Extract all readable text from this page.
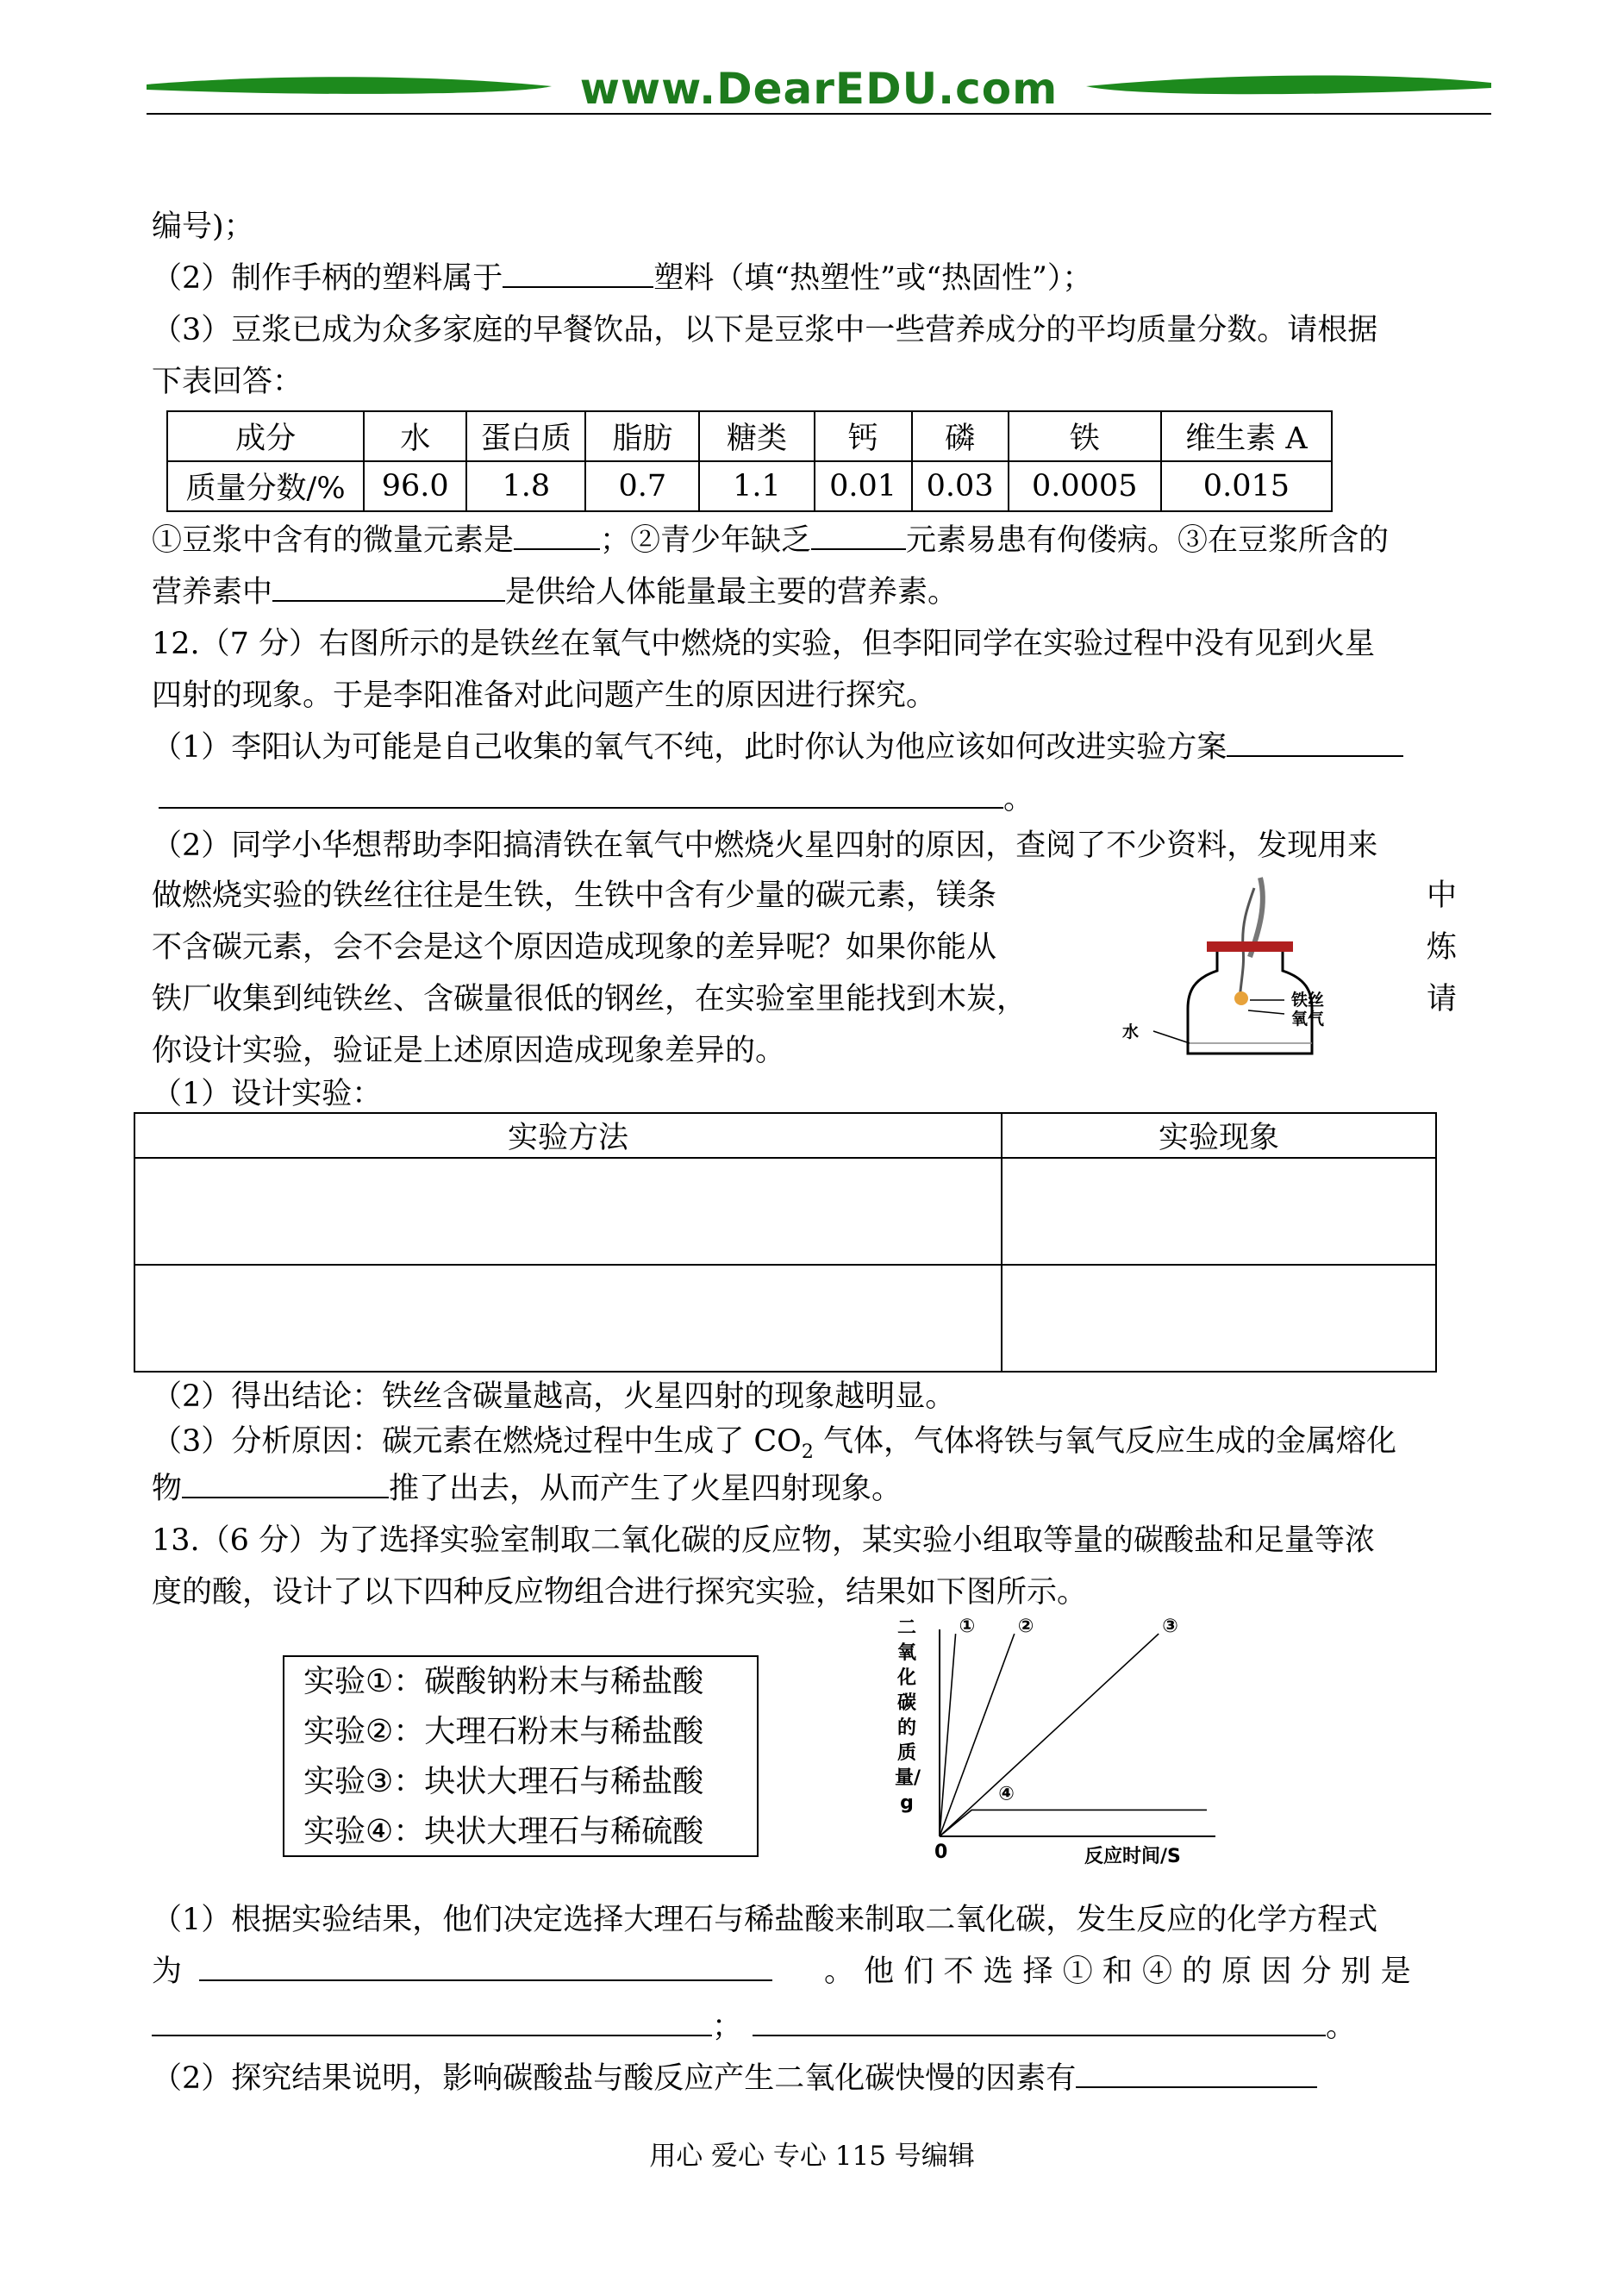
www.DearEDU.com
编号)；
（2）制作手柄的塑料属于	塑料（填“热塑性”或“热固性”）；
（3）豆浆已成为众多家庭的早餐饮品，以下是豆浆中一些营养成分的平均质量分数。请根据
下表回答：
成分	水	蛋白质	脂肪	糖类	钙	磷	铁	维生素 A
质量分数/%	96.0	1.8	0.7	1.1	0.01	0.03	0.0005	0.015
①豆浆中含有的微量元素是	；②青少年缺乏	元素易患有佝偻病。③在豆浆所含的
营养素中	是供给人体能量最主要的营养素。
12.（7 分）右图所示的是铁丝在氧气中燃烧的实验，但李阳同学在实验过程中没有见到火星
四射的现象。于是李阳准备对此问题产生的原因进行探究。
（1）李阳认为可能是自己收集的氧气不纯，此时你认为他应该如何改进实验方案
。
（2）同学小华想帮助李阳搞清铁在氧气中燃烧火星四射的原因，查阅了不少资料，发现用来
做燃烧实验的铁丝往往是生铁，生铁中含有少量的碳元素，镁条	中
不含碳元素，会不会是这个原因造成现象的差异呢？如果你能从	炼
铁厂收集到纯铁丝、含碳量很低的钢丝，在实验室里能找到木炭，	请
你设计实验，验证是上述原因造成现象差异的。
铁丝
氧气
水
（1）设计实验：
实验方法	实验现象

（2）得出结论：铁丝含碳量越高，火星四射的现象越明显。
（3）分析原因：碳元素在燃烧过程中生成了 $CO_2$ 气体，气体将铁与氧气反应生成的金属熔化
物	推了出去，从而产生了火星四射现象。
13.（6 分）为了选择实验室制取二氧化碳的反应物，某实验小组取等量的碳酸盐和足量等浓
度的酸，设计了以下四种反应物组合进行探究实验，结果如下图所示。
实验①：碳酸钠粉末与稀盐酸
实验②：大理石粉末与稀盐酸
实验③：块状大理石与稀盐酸
实验④：块状大理石与稀硫酸
二氧化碳的质量/g
① ②	③
④
0	反应时间/S
（1）根据实验结果，他们决定选择大理石与稀盐酸来制取二氧化碳，发生反应的化学方程式
为	。 他 们 不 选 择 ① 和 ④ 的 原 因 分 别 是
；	。
（2）探究结果说明，影响碳酸盐与酸反应产生二氧化碳快慢的因素有
用心 爱心 专心 115 号编辑
